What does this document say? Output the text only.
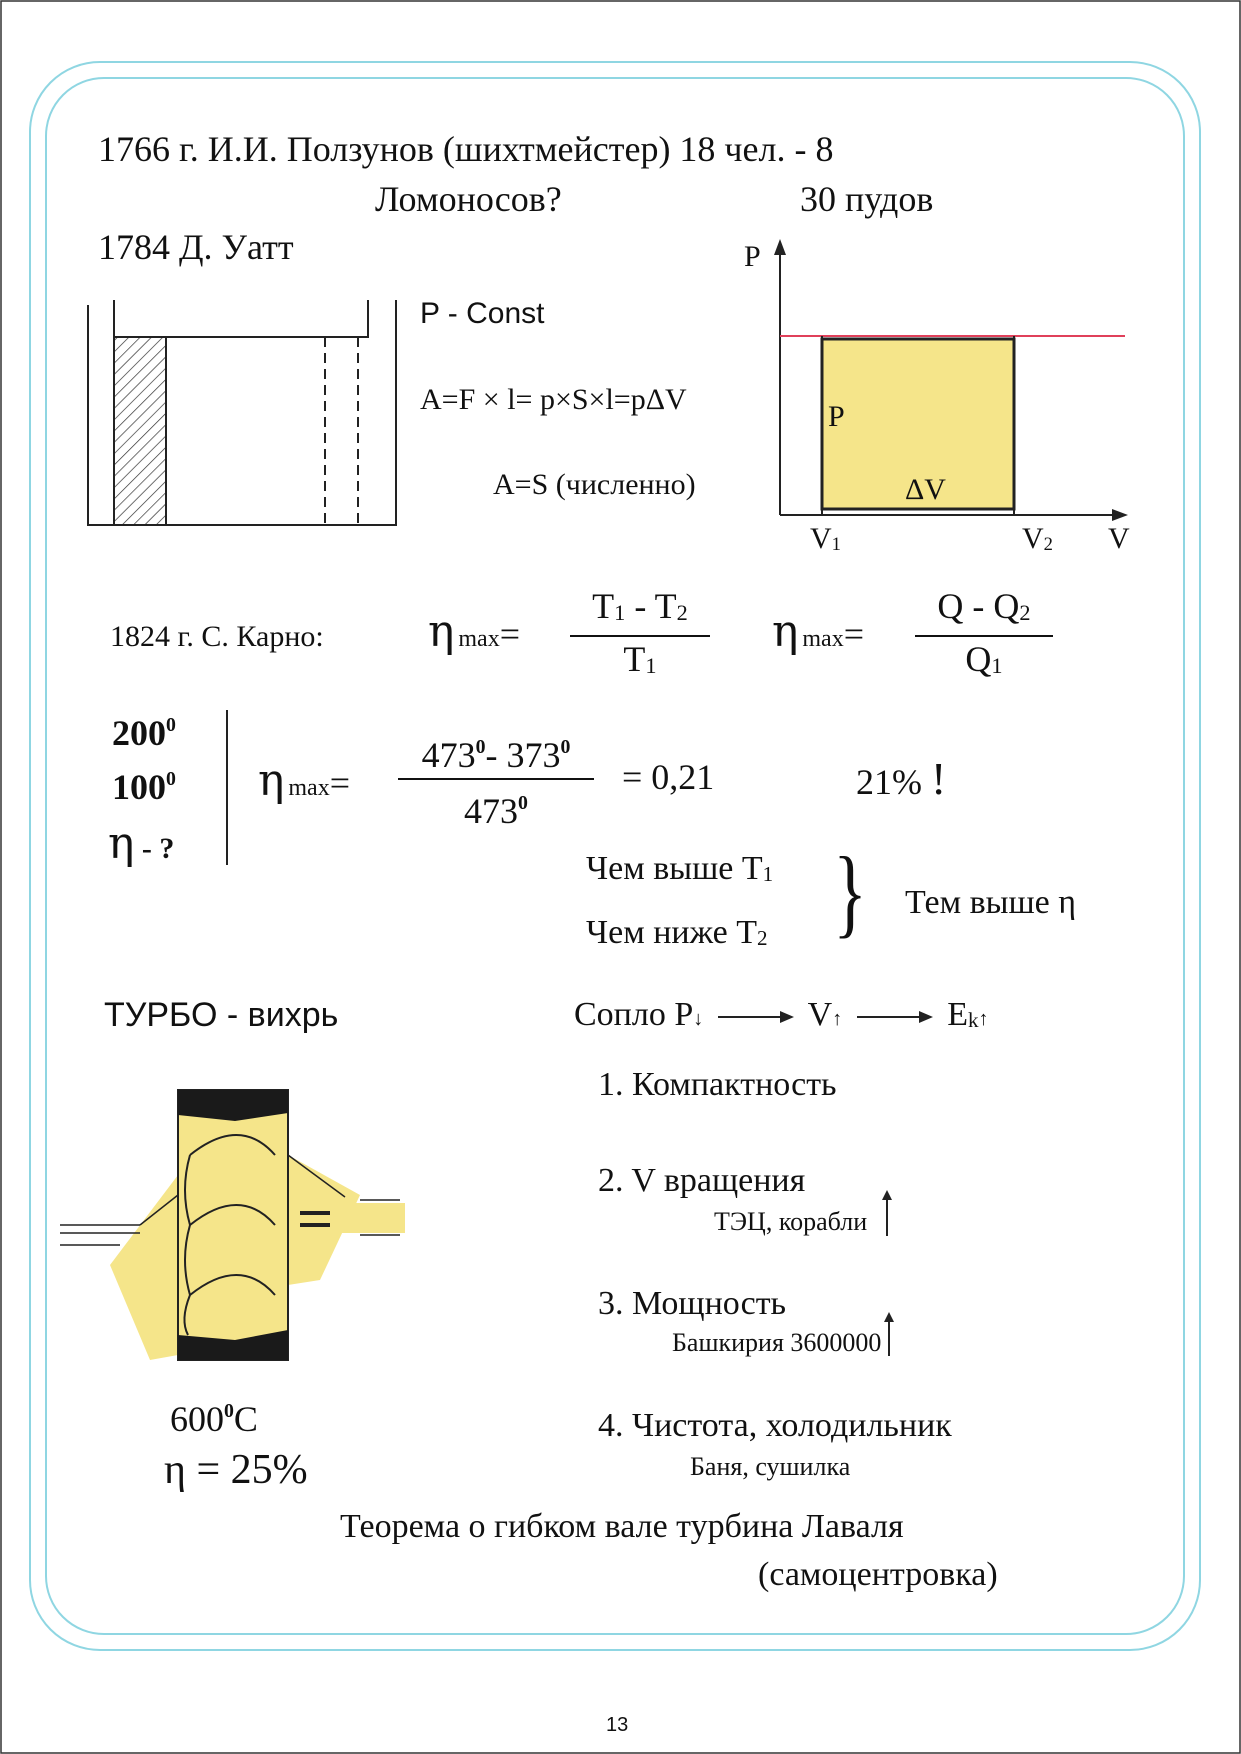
1766 г. И.И. Ползунов (шихтмейстер) 18 чел. - 8
Ломоносов?	30 пудов
1784 Д. Уатт
P - Const
A=F × l= p×S×l=pΔV
A=S (численно)
P
V
P
ΔV
V1	V2
1824 г. С. Карно: ηmax=
T1 - T2
T1
ηmax=
Q - Q2
Q1
$200^0$
$100^0$
η - ?
ηmax=
$473^0-$ $373^0$
$473^0$
= 0,21	21% !
Чем выше T1
Чем ниже T2 } Тем выше η
ТУРБО - вихрь	Сопло P↓	V↑	Ek↑
$600^0C$
η = 25%
1. Компактность
2. V вращения
ТЭЦ, корабли
3. Мощность
Башкирия 3600000
4. Чистота, холодильник
Баня, сушилка
Теорема о гибком вале турбина Лаваля
(самоцентровка)
13
